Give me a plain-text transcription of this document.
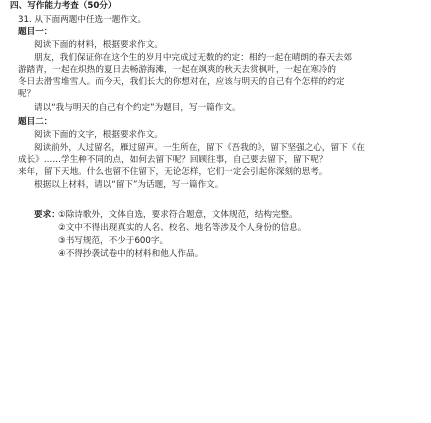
四、写作能力考查（50分）
31. 从下面两题中任选一题作文。
题目一：
阅读下面的材料，根据要求作文。
朋友，我们保证你在这个生的岁月中完成过无数的约定：相约一起在晴朗的春天去郊
游踏青，一起在炽热的夏日去畅游海滩，一起在飒爽的秋天去赏枫叶，一起在寒冷的
冬日去滑雪堆雪人。而今天，我们长大的你想对在，应该与明天的自己有个怎样的约定
呢？
请以“我与明天的自己有个约定”为题目，写一篇作文。
题目二：
阅读下面的文字，根据要求作文。
阅读前外，人过留名，雁过留声。一生所在，留下《吾我的》，留下坚强之心，留下《在
成长》……学生种不同的点，如何去留下呢？回顾往事，自己要去留下，留下呢？
来年，留下天地。什么也留不住留下，无论怎样，它们一定会引起你深刻的思考。
根据以上材料，请以“留下”为话题，写一篇作文。
要求：
①除诗歌外，文体自选，要求符合题意，文体规范，结构完整。
②文中不得出现真实的人名、校名、地名等涉及个人身份的信息。
③书写规范，不少于600字。
④不得抄袭试卷中的材料和他人作品。
